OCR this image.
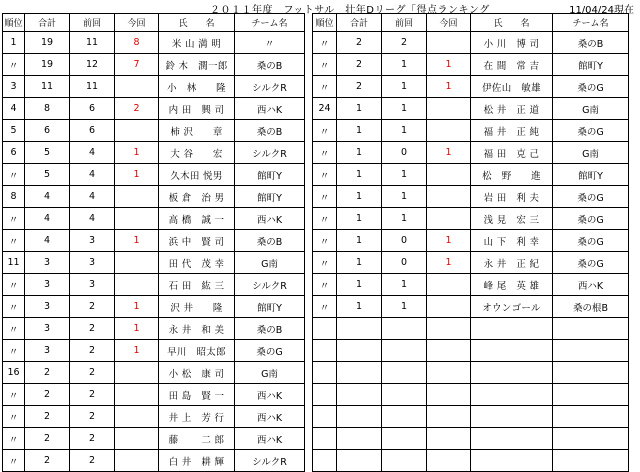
２０１１年度　フットサル　壮年Dリーグ「得点ランキング	11/04/24現在
順位	合計	前回	今回	氏　　名	チーム名
1	19	11	8	米 山 満 明	〃
〃	19	12	7	鈴 木　潤一郎	桑のB
3	11	11		小　林　　隆	シルクR
4	8	6	2	内 田　興 司	西ハK
5	6	6		柿 沢　　章	桑のB
6	5	4	1	大 谷　　宏	シルクR
〃	5	4	1	久木田 悦男	館町Y
8	4	4		板 倉　治 男	館町Y
〃	4	4		高 橋　誠 一	西ハK
〃	4	3	1	浜 中　賢 司	桑のB
11	3	3		田 代　茂 幸	G南
〃	3	3		石 田　紘 三	シルクR
〃	3	2	1	沢 井　　隆	館町Y
〃	3	2	1	永 井　和 美	桑のB
〃	3	2	1	早川　昭太郎	桑のG
16	2	2		小 松　康 司	G南
〃	2	2		田 島　賢 一	西ハK
〃	2	2		井 上　芳 行	西ハK
〃	2	2		藤　　 二 郎	西ハK
〃	2	2		白 井　耕 輝	シルクR
順位	合計	前回	今回	氏　　名	チーム名
〃	2	2		小 川　博 司	桑のB
〃	2	1	1	在 間　常 吉	館町Y
〃	2	1	1	伊佐山　敏雄	桑のG
24	1	1		松 井　正 道	G南
〃	1	1		福 井　正 純	桑のG
〃	1	0	1	福 田　克 己	G南
〃	1	1		松　野　　進	館町Y
〃	1	1		岩 田　利 夫	桑のG
〃	1	1		浅 見　宏 三	桑のG
〃	1	0	1	山 下　利 幸	桑のG
〃	1	0	1	永 井　正 紀	桑のG
〃	1	1		峰 尾　英 雄	西ハK
〃	1	1		オウンゴール	桑の根B
